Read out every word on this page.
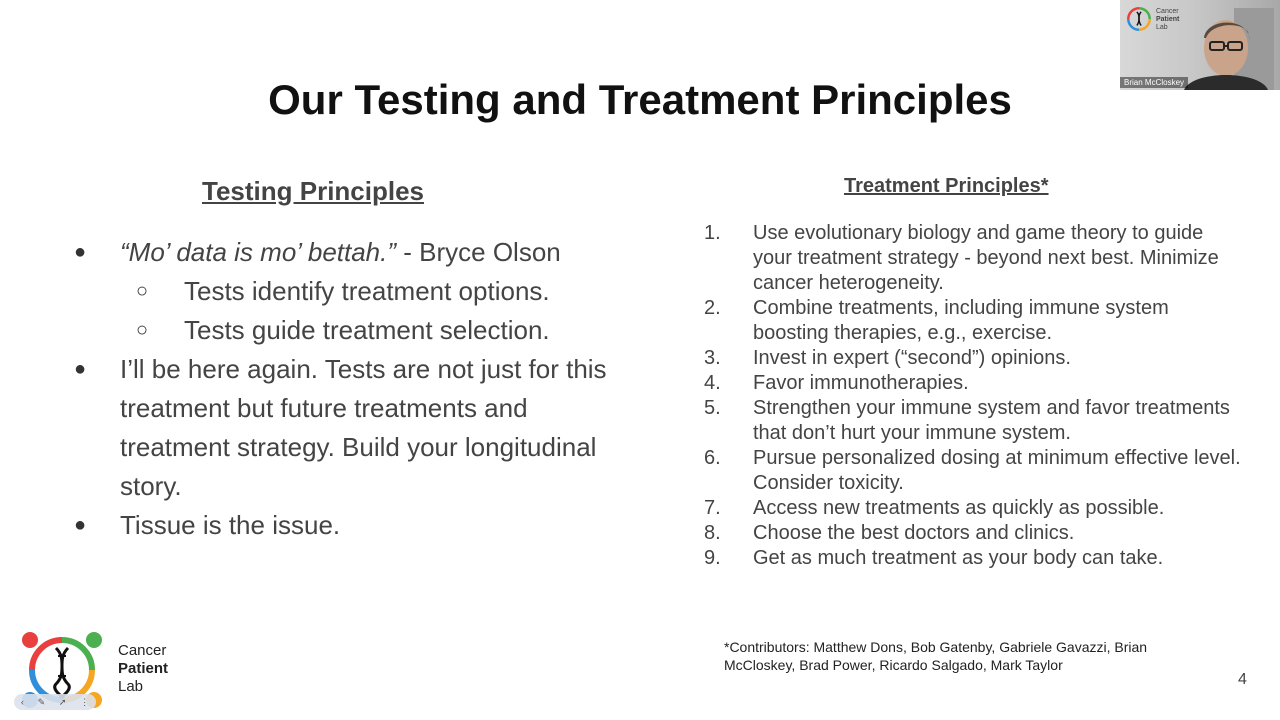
Our Testing and Treatment Principles
Testing Principles	Treatment Principles*
● “Mo’ data is mo’ bettah.” - Bryce Olson
○ Tests identify treatment options.
○ Tests guide treatment selection.
● I’ll be here again. Tests are not just for this treatment but future treatments and treatment strategy. Build your longitudinal story.
● Tissue is the issue.
1. Use evolutionary biology and game theory to guide your treatment strategy - beyond next best. Minimize cancer heterogeneity.
2. Combine treatments, including immune system boosting therapies, e.g., exercise.
3. Invest in expert (“second”) opinions.
4. Favor immunotherapies.
5. Strengthen your immune system and favor treatments that don’t hurt your immune system.
6. Pursue personalized dosing at minimum effective level. Consider toxicity.
7. Access new treatments as quickly as possible.
8. Choose the best doctors and clinics.
9. Get as much treatment as your body can take.
*Contributors: Matthew Dons, Bob Gatenby, Gabriele Gavazzi, Brian McCloskey, Brad Power, Ricardo Salgado, Mark Taylor
4
Cancer
Patient
Lab
‹ ✎ ➚ ⋮
Cancer
Patient
Lab
Brian McCloskey
